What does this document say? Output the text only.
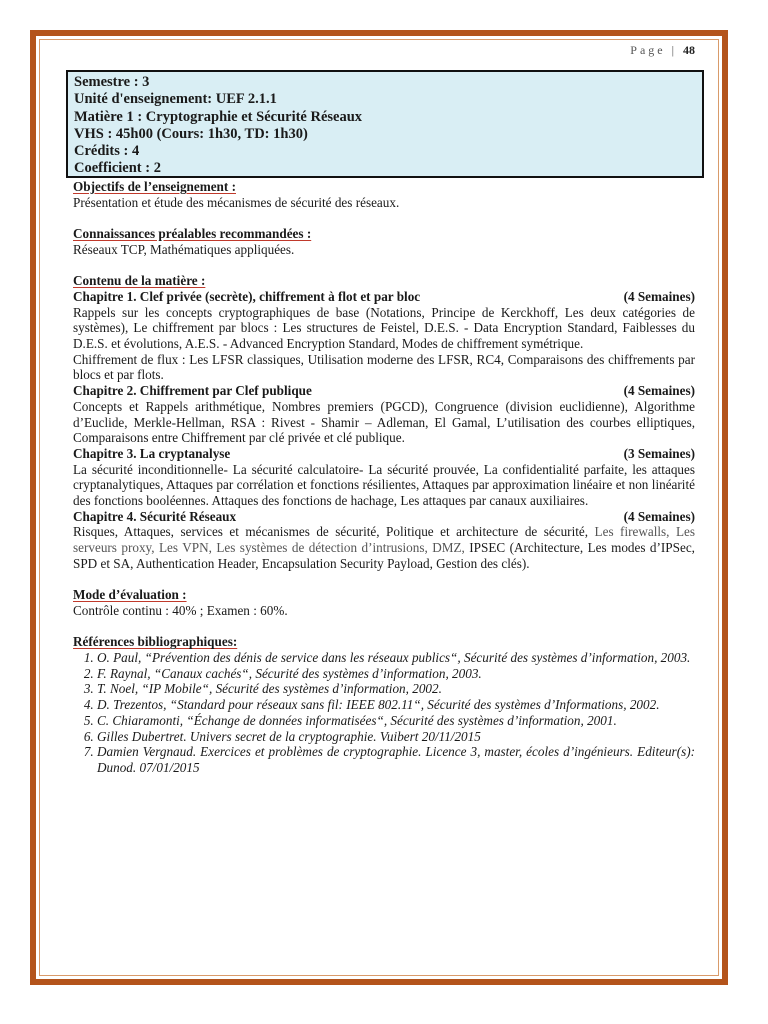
Page | 48
Semestre : 3
Unité d'enseignement: UEF 2.1.1
Matière 1 : Cryptographie et Sécurité Réseaux
VHS : 45h00 (Cours: 1h30, TD: 1h30)
Crédits : 4
Coefficient : 2
Objectifs de l’enseignement :
Présentation et étude des mécanismes de sécurité des réseaux.
Connaissances préalables recommandées :
Réseaux TCP, Mathématiques appliquées.
Contenu de la matière :
Chapitre 1. Clef privée (secrète), chiffrement à flot et par bloc	(4 Semaines)
Rappels sur les concepts cryptographiques de base (Notations, Principe de Kerckhoff, Les deux catégories de systèmes), Le chiffrement par blocs : Les structures de Feistel, D.E.S. - Data Encryption Standard, Faiblesses du D.E.S. et évolutions, A.E.S. - Advanced Encryption Standard, Modes de chiffrement symétrique.
Chiffrement de flux : Les LFSR classiques, Utilisation moderne des LFSR, RC4, Comparaisons des chiffrements par blocs et par flots.
Chapitre 2. Chiffrement par Clef publique	(4 Semaines)
Concepts et Rappels arithmétique, Nombres premiers (PGCD), Congruence (division euclidienne), Algorithme d’Euclide, Merkle-Hellman, RSA : Rivest - Shamir – Adleman, El Gamal, L’utilisation des courbes elliptiques, Comparaisons entre Chiffrement par clé privée et clé publique.
Chapitre 3. La cryptanalyse	(3 Semaines)
La sécurité inconditionnelle- La sécurité calculatoire- La sécurité prouvée, La confidentialité parfaite, les attaques cryptanalytiques, Attaques par corrélation et fonctions résilientes, Attaques par approximation linéaire et non linéarité des fonctions booléennes. Attaques des fonctions de hachage, Les attaques par canaux auxiliaires.
Chapitre 4. Sécurité Réseaux	(4 Semaines)
Risques, Attaques, services et mécanismes de sécurité, Politique et architecture de sécurité, Les firewalls, Les serveurs proxy, Les VPN, Les systèmes de détection d’intrusions, DMZ, IPSEC (Architecture, Les modes d’IPSec, SPD et SA, Authentication Header, Encapsulation Security Payload, Gestion des clés).
Mode d’évaluation :
Contrôle continu : 40% ; Examen : 60%.
Références bibliographiques:
1. O. Paul, “Prévention des dénis de service dans les réseaux publics“, Sécurité des systèmes d’information, 2003.
2. F. Raynal, “Canaux cachés“, Sécurité des systèmes d’information, 2003.
3. T. Noel, “IP Mobile“, Sécurité des systèmes d’information, 2002.
4. D. Trezentos, “Standard pour réseaux sans fil: IEEE 802.11“, Sécurité des systèmes d’Informations, 2002.
5. C. Chiaramonti, “Échange de données informatisées“, Sécurité des systèmes d’information, 2001.
6. Gilles Dubertret. Univers secret de la cryptographie. Vuibert 20/11/2015
7. Damien Vergnaud. Exercices et problèmes de cryptographie. Licence 3, master, écoles d’ingénieurs. Editeur(s): Dunod. 07/01/2015
